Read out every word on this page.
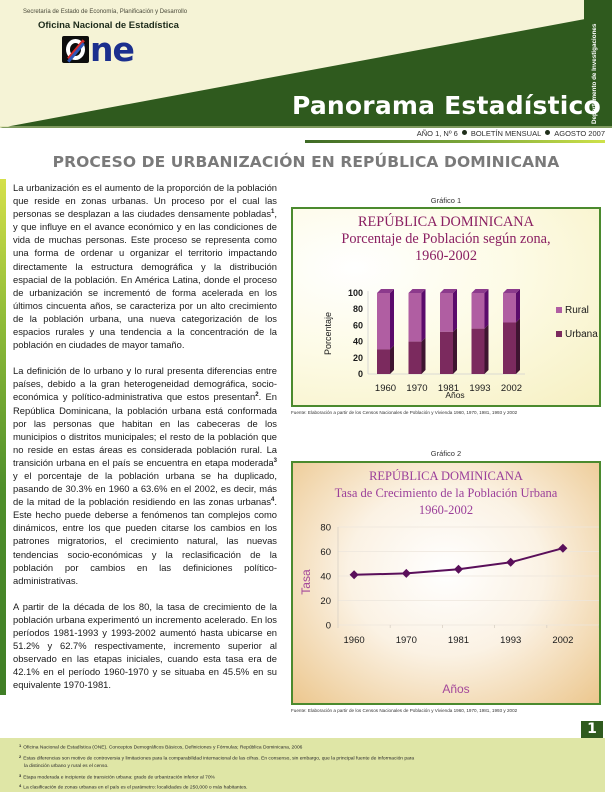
Secretaría de Estado de Economía, Planificación y Desarrollo
Oficina Nacional de Estadística
ne
Panorama Estadístico
Departamento de Investigaciones
AÑO 1, Nº 6 BOLETÍN MENSUAL AGOSTO 2007
PROCESO DE URBANIZACIÓN EN REPÚBLICA DOMINICANA

La urbanización es el aumento de la proporción de la población que reside en zonas urbanas. Un proceso por el cual las personas se desplazan a las ciudades densamente pobladas$^1$, y que influye en el avance económico y en las condiciones de vida de muchas personas. Este proceso se representa como una forma de ordenar u organizar el territorio impactando directamente la estructura demográfica y la distribución espacial de la población. En América Latina, donde el proceso de urbanización se incrementó de forma acelerada en los últimos cincuenta años, se caracteriza por un alto crecimiento de la población urbana, una nueva categorización de los espacios rurales y una tendencia a la concentración de la población en ciudades de mayor tamaño.

La definición de lo urbano y lo rural presenta diferencias entre países, debido a la gran heterogeneidad demográfica, socio-económica y político-administrativa que estos presentan$^2$. En República Dominicana, la población urbana está conformada por las personas que habitan en las cabeceras de los municipios o distritos municipales; el resto de la población que no reside en estas áreas es considerada población rural. La transición urbana en el país se encuentra en etapa moderada$^3$ y el porcentaje de la población urbana se ha duplicado, pasando de 30.3% en 1960 a 63.6% en el 2002, es decir, más de la mitad de la población residiendo en las zonas urbanas$^4$. Este hecho puede deberse a fenómenos tan complejos como dinámicos, entre los que pueden citarse los cambios en los patrones migratorios, el crecimiento natural, las nuevas tendencias socio-económicas y la reclasificación de la población por cambios en las definiciones político-administrativas.

A partir de la década de los 80, la tasa de crecimiento de la población urbana experimentó un incremento acelerado. En los períodos 1981-1993 y 1993-2002 aumentó hasta ubicarse en 51.2% y 62.7% respectivamente, incremento superior al observado en las etapas iniciales, cuando esta tasa era de 42.1% en el período 1960-1970 y se situaba en 45.5% en su equivalente 1970-1981.

Gráfico 1
REPÚBLICA DOMINICANA
Porcentaje de Población según zona,
1960-2002
0
20
40
60
80
100
Porcentaje
1960 1970 1981 1993 2002
Años
Rural
Urbana
Fuente: Elaboración a partir de los Censos Nacionales de Población y Vivienda 1960, 1970, 1981, 1993 y 2002
Gráfico 2
REPÚBLICA DOMINICANA
Tasa de Crecimiento de la Población Urbana
1960-2002
0
20
40
60
80
1960	1970	1981	1993	2002
Tasa
Años
Fuente: Elaboración a partir de los Censos Nacionales de Población y Vivienda 1960, 1970, 1981, 1993 y 2002
1
$^1$ Oficina Nacional de Estadística (ONE). Conceptos Demográficos Básicos, Definiciones y Fórmulas; República Dominicana, 2006
$^2$ Estas diferencias son motivo de controversia y limitaciones para la comparabilidad internacional de las cifras. En consenso, sin embargo, que la principal fuente de información para
la distinción urbano y rural es el censo.
$^3$ Etapa moderada e incipiente de transición urbana: grado de urbanización inferior al 70%
$^4$ La clasificación de zonas urbanas en el país es el parámetro: localidades de 250,000 o más habitantes.
